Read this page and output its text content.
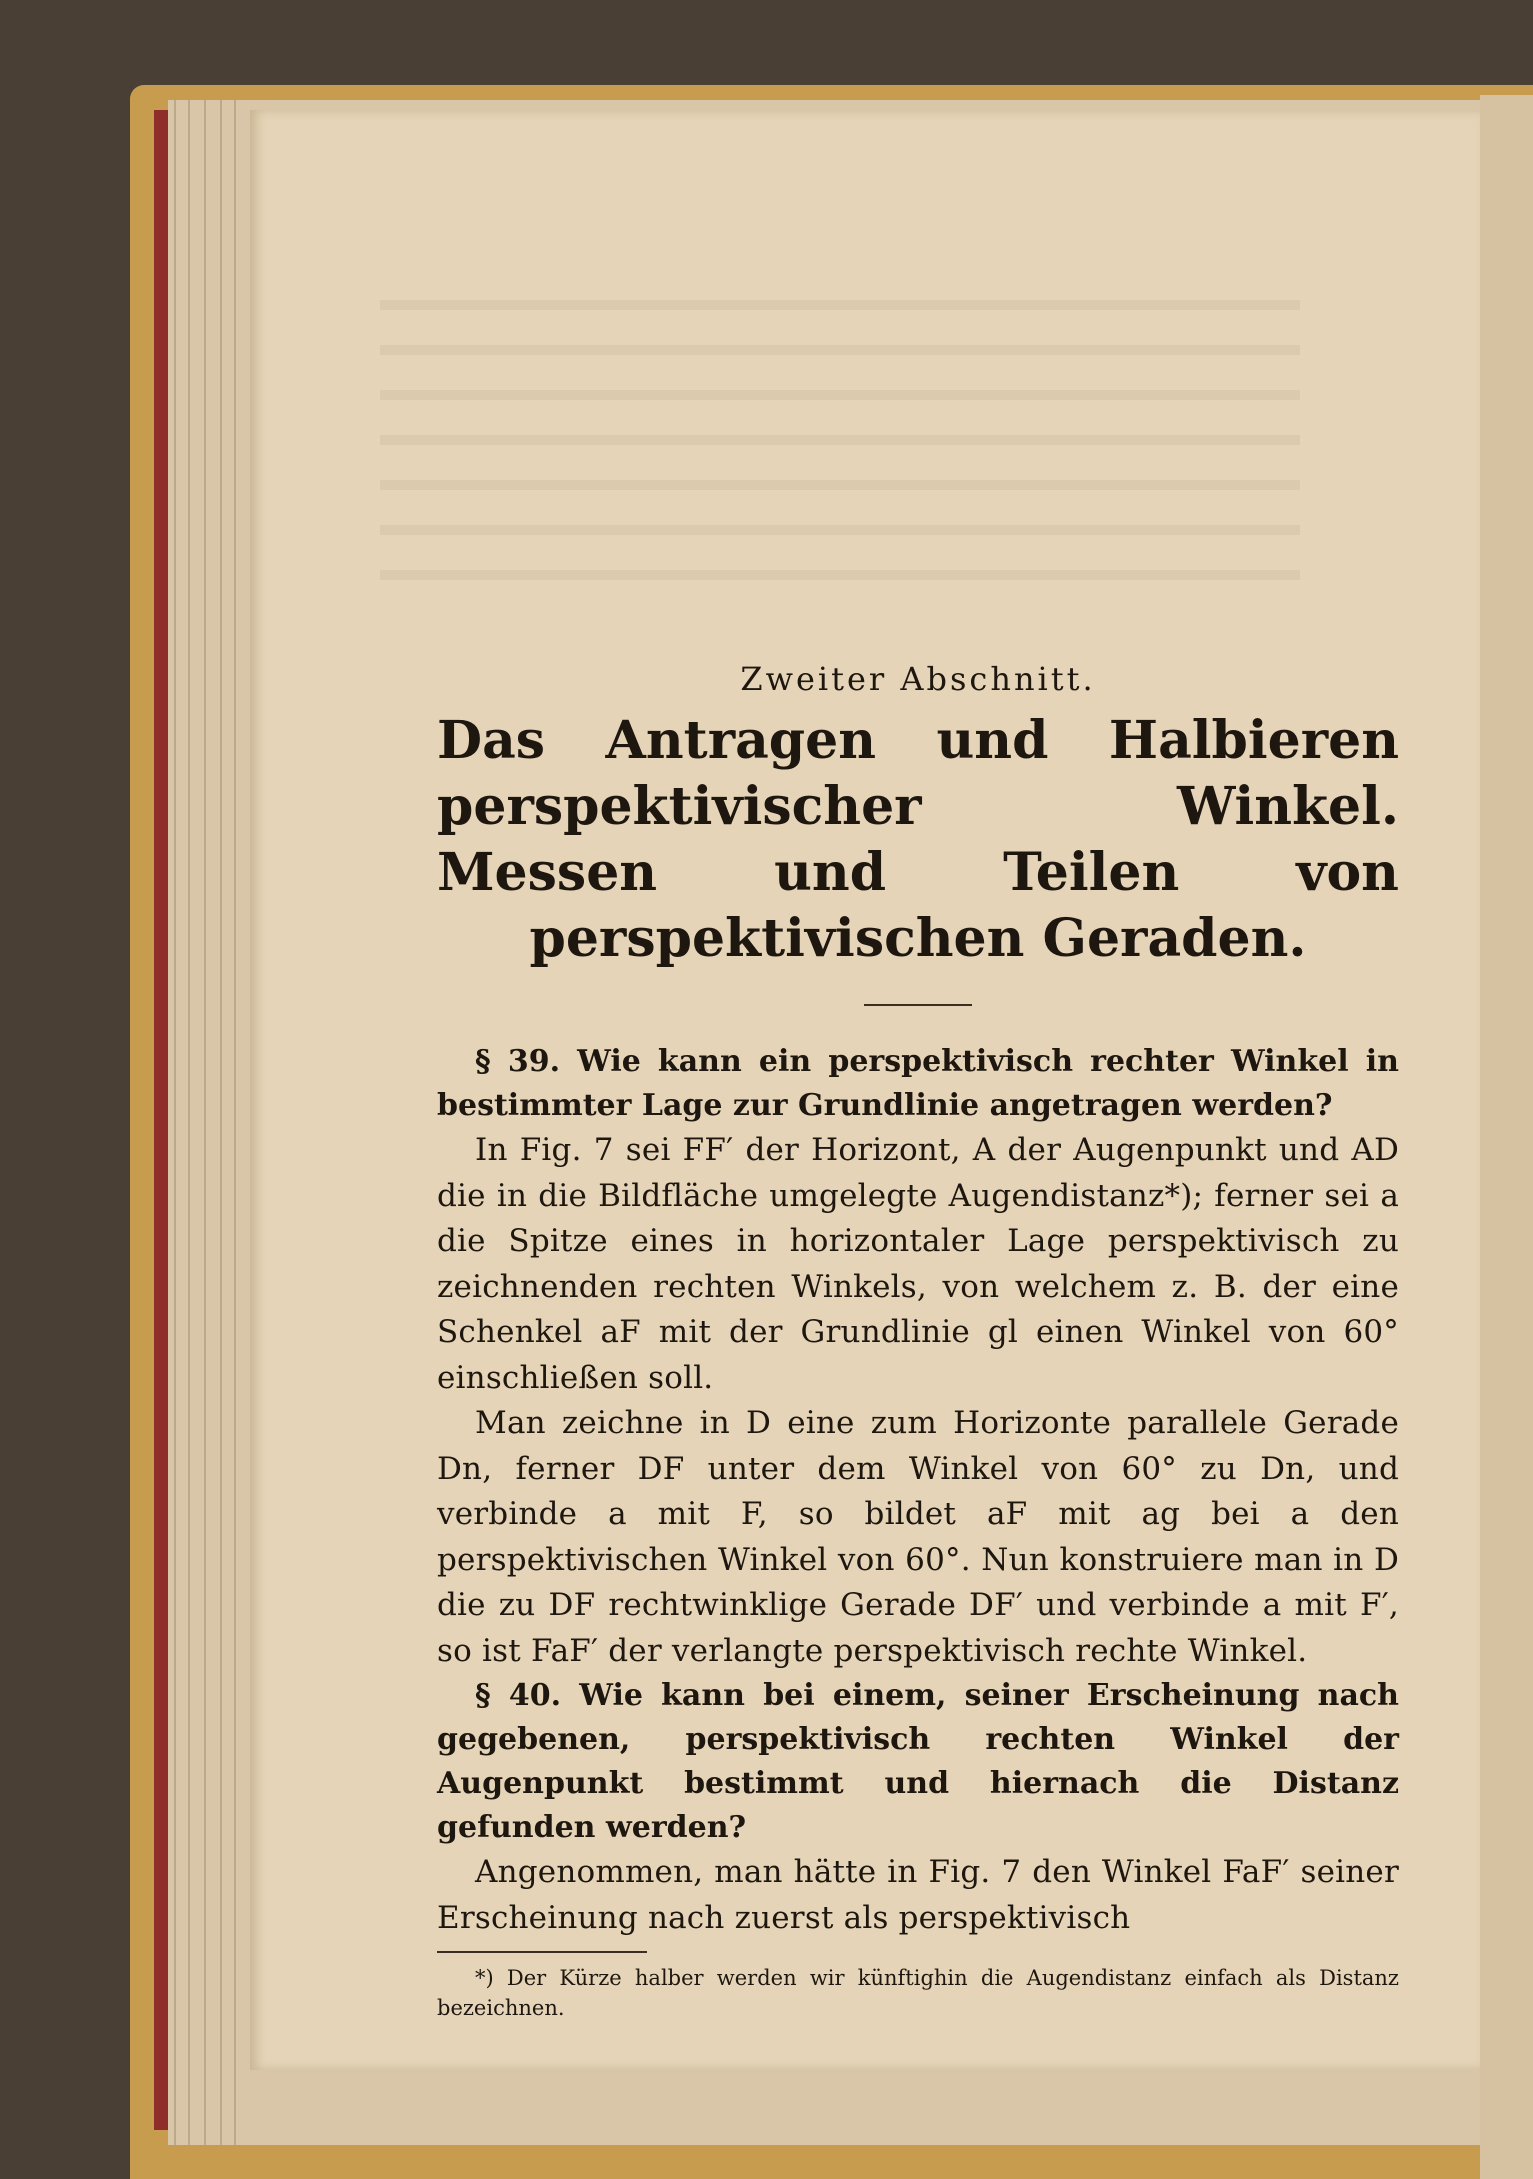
Zweiter Abschnitt.
Das Antragen und Halbieren perspektivischer Winkel. Messen und Teilen von perspektivischen Geraden.

§ 39. Wie kann ein perspektivisch rechter Winkel in bestimmter Lage zur Grundlinie angetragen werden?

In Fig. 7 sei FF′ der Horizont, A der Augenpunkt und AD die in die Bildfläche umgelegte Augendistanz*); ferner sei a die Spitze eines in horizontaler Lage perspektivisch zu zeichnenden rechten Winkels, von welchem z. B. der eine Schenkel aF mit der Grundlinie gl einen Winkel von 60° einschließen soll.

Man zeichne in D eine zum Horizonte parallele Gerade Dn, ferner DF unter dem Winkel von 60° zu Dn, und verbinde a mit F, so bildet aF mit ag bei a den perspektivischen Winkel von 60°. Nun konstruiere man in D die zu DF rechtwinklige Gerade DF′ und verbinde a mit F′, so ist FaF′ der verlangte perspektivisch rechte Winkel.

§ 40. Wie kann bei einem, seiner Erscheinung nach gegebenen, perspektivisch rechten Winkel der Augenpunkt bestimmt und hiernach die Distanz gefunden werden?

Angenommen, man hätte in Fig. 7 den Winkel FaF′ seiner Erscheinung nach zuerst als perspektivisch

*) Der Kürze halber werden wir künftighin die Augendistanz einfach als Distanz bezeichnen.
